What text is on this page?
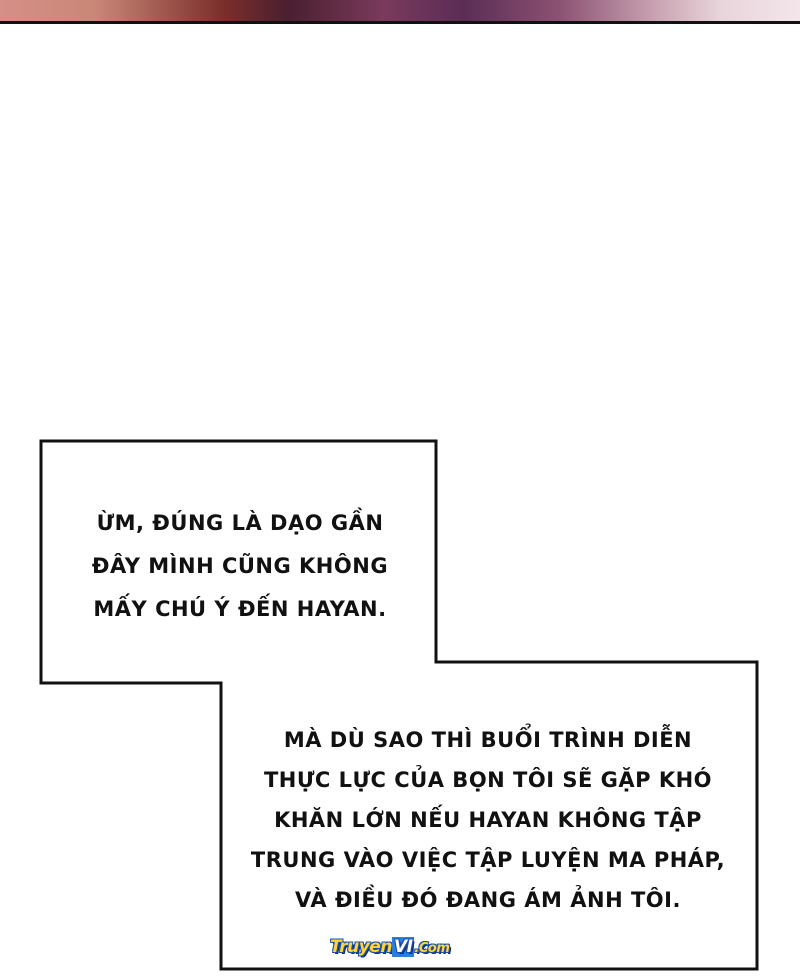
ỪM, ĐÚNG LÀ DẠO GẦN
ĐÂY MÌNH CŨNG KHÔNG
MẤY CHÚ Ý ĐẾN HAYAN.
MÀ DÙ SAO THÌ BUỔI TRÌNH DIỄN
THỰC LỰC CỦA BỌN TÔI SẼ GẶP KHÓ
KHĂN LỚN NẾU HAYAN KHÔNG TẬP
TRUNG VÀO VIỆC TẬP LUYỆN MA PHÁP,
VÀ ĐIỀU ĐÓ ĐANG ÁM ẢNH TÔI.
Truyen VI .Com
